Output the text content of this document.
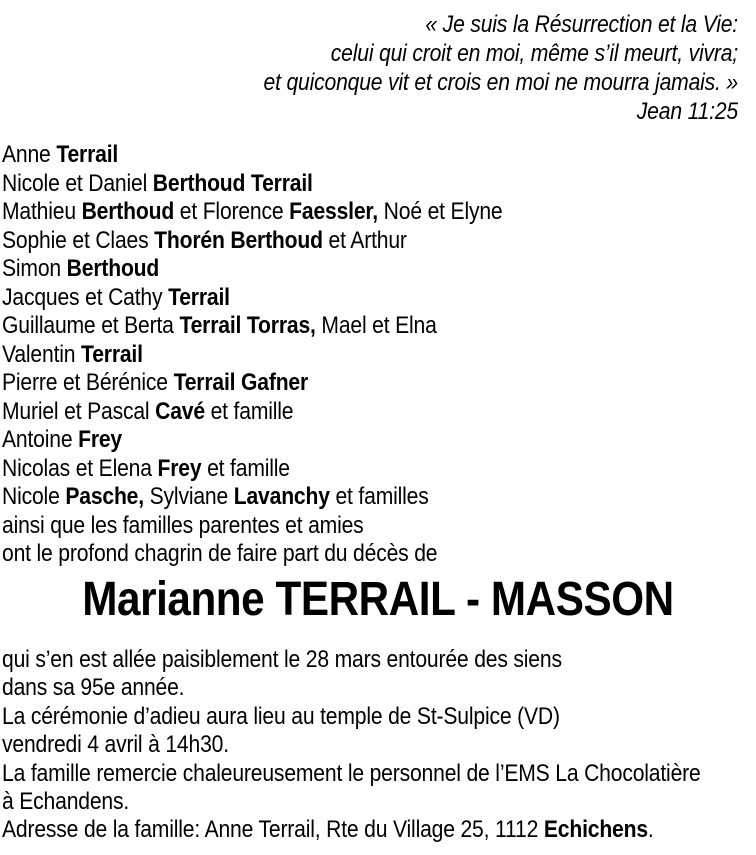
« Je suis la Résurrection et la Vie:
celui qui croit en moi, même s’il meurt, vivra;
et quiconque vit et crois en moi ne mourra jamais. »
Jean 11:25
Anne Terrail
Nicole et Daniel Berthoud Terrail
Mathieu Berthoud et Florence Faessler, Noé et Elyne
Sophie et Claes Thorén Berthoud et Arthur
Simon Berthoud
Jacques et Cathy Terrail
Guillaume et Berta Terrail Torras, Mael et Elna
Valentin Terrail
Pierre et Bérénice Terrail Gafner
Muriel et Pascal Cavé et famille
Antoine Frey
Nicolas et Elena Frey et famille
Nicole Pasche, Sylviane Lavanchy et familles
ainsi que les familles parentes et amies
ont le profond chagrin de faire part du décès de
Marianne TERRAIL - MASSON
qui s’en est allée paisiblement le 28 mars entourée des siens
dans sa 95e année.
La cérémonie d’adieu aura lieu au temple de St-Sulpice (VD)
vendredi 4 avril à 14h30.
La famille remercie chaleureusement le personnel de l’EMS La Chocolatière
à Echandens.
Adresse de la famille: Anne Terrail, Rte du Village 25, 1112 Echichens.
